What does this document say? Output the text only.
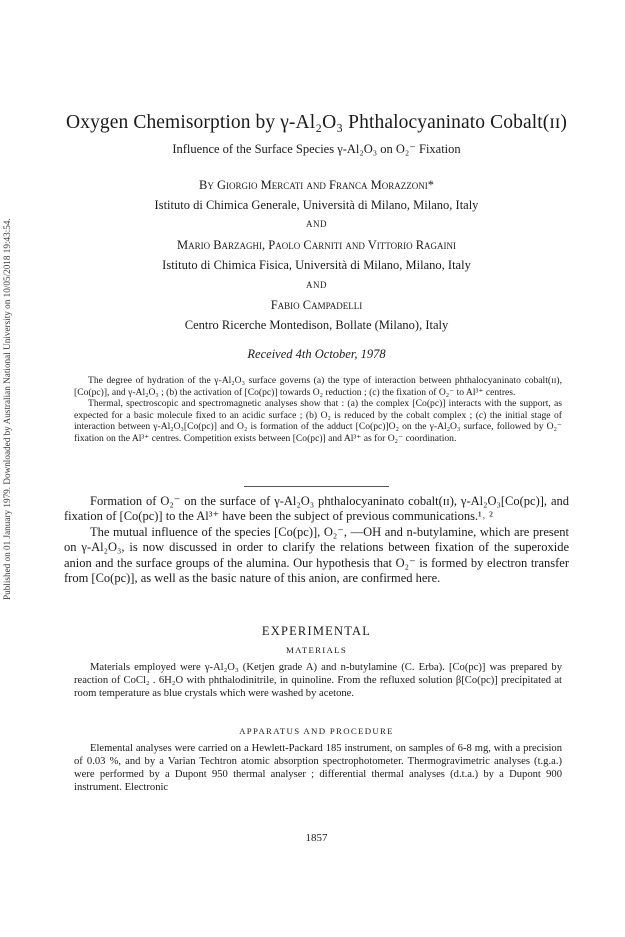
Published on 01 January 1979. Downloaded by Australian National University on 10/05/2018 19:43:54.
Oxygen Chemisorption by γ-Al₂O₃ Phthalocyaninato Cobalt(ɪɪ)
Influence of the Surface Species γ-Al₂O₃ on O₂⁻ Fixation
By Giorgio Mercati and Franca Morazzoni*
Istituto di Chimica Generale, Università di Milano, Milano, Italy
AND
Mario Barzaghi, Paolo Carniti and Vittorio Ragaini
Istituto di Chimica Fisica, Università di Milano, Milano, Italy
AND
Fabio Campadelli
Centro Ricerche Montedison, Bollate (Milano), Italy
Received 4th October, 1978

The degree of hydration of the γ-Al₂O₃ surface governs (a) the type of interaction between phthalocyaninato cobalt(ɪɪ), [Co(pc)], and γ-Al₂O₃ ; (b) the activation of [Co(pc)] towards O₂ reduction ; (c) the fixation of O₂⁻ to Al³⁺ centres.

Thermal, spectroscopic and spectromagnetic analyses show that : (a) the complex [Co(pc)] interacts with the support, as expected for a basic molecule fixed to an acidic surface ; (b) O₂ is reduced by the cobalt complex ; (c) the initial stage of interaction between γ-Al₂O₃[Co(pc)] and O₂ is formation of the adduct [Co(pc)]O₂ on the γ-Al₂O₃ surface, followed by O₂⁻ fixation on the Al³⁺ centres. Competition exists between [Co(pc)] and Al³⁺ as for O₂⁻ coordination.

Formation of O₂⁻ on the surface of γ-Al₂O₃ phthalocyaninato cobalt(ɪɪ), γ-Al₂O₃[Co(pc)], and fixation of [Co(pc)] to the Al³⁺ have been the subject of previous communications.¹˒ ²

The mutual influence of the species [Co(pc)], O₂⁻, —OH and n-butylamine, which are present on γ-Al₂O₃, is now discussed in order to clarify the relations between fixation of the superoxide anion and the surface groups of the alumina. Our hypothesis that O₂⁻ is formed by electron transfer from [Co(pc)], as well as the basic nature of this anion, are confirmed here.

EXPERIMENTAL
MATERIALS

Materials employed were γ-Al₂O₃ (Ketjen grade A) and n-butylamine (C. Erba). [Co(pc)] was prepared by reaction of CoCl₂ . 6H₂O with phthalodinitrile, in quinoline. From the refluxed solution β[Co(pc)] precipitated at room temperature as blue crystals which were washed by acetone.

APPARATUS AND PROCEDURE

Elemental analyses were carried on a Hewlett-Packard 185 instrument, on samples of 6-8 mg, with a precision of 0.03 %, and by a Varian Techtron atomic absorption spectrophotometer. Thermogravimetric analyses (t.g.a.) were performed by a Dupont 950 thermal analyser ; differential thermal analyses (d.t.a.) by a Dupont 900 instrument. Electronic

1857
